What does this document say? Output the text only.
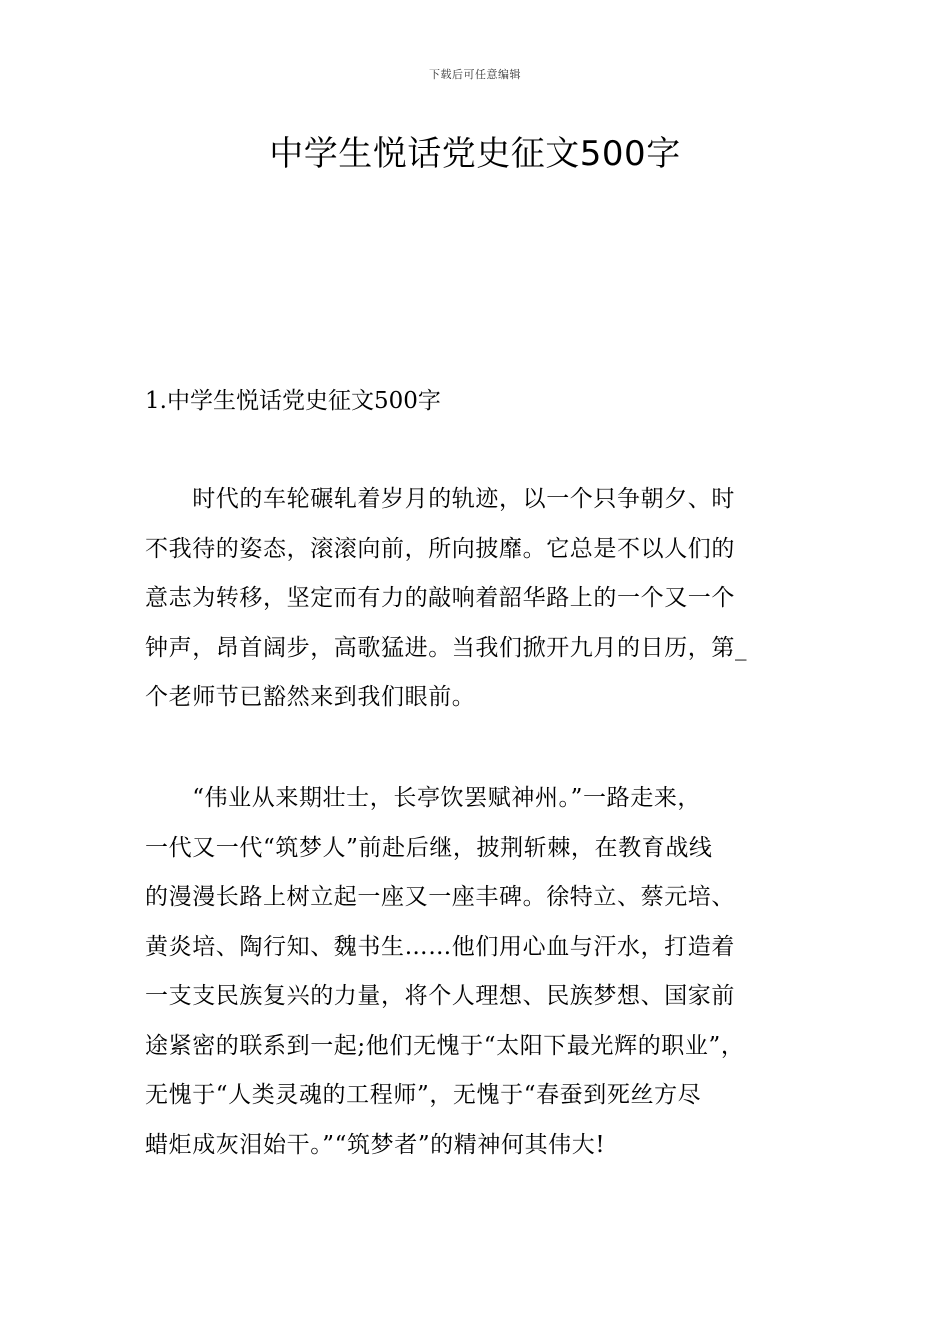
下载后可任意编辑
中学生悦话党史征文500字
1.中学生悦话党史征文500字

　　时代的车轮碾轧着岁月的轨迹，以一个只争朝夕、时
不我待的姿态，滚滚向前，所向披靡。它总是不以人们的
意志为转移，坚定而有力的敲响着韶华路上的一个又一个
钟声，昂首阔步，高歌猛进。当我们掀开九月的日历，第_
个老师节已豁然来到我们眼前。

　　“伟业从来期壮士，长亭饮罢赋神州。”一路走来，
一代又一代“筑梦人”前赴后继，披荆斩棘，在教育战线
的漫漫长路上树立起一座又一座丰碑。徐特立、蔡元培、
黄炎培、陶行知、魏书生……他们用心血与汗水，打造着
一支支民族复兴的力量，将个人理想、民族梦想、国家前
途紧密的联系到一起;他们无愧于“太阳下最光辉的职业”，
无愧于“人类灵魂的工程师”，无愧于“春蚕到死丝方尽
蜡炬成灰泪始干。”“筑梦者”的精神何其伟大!
